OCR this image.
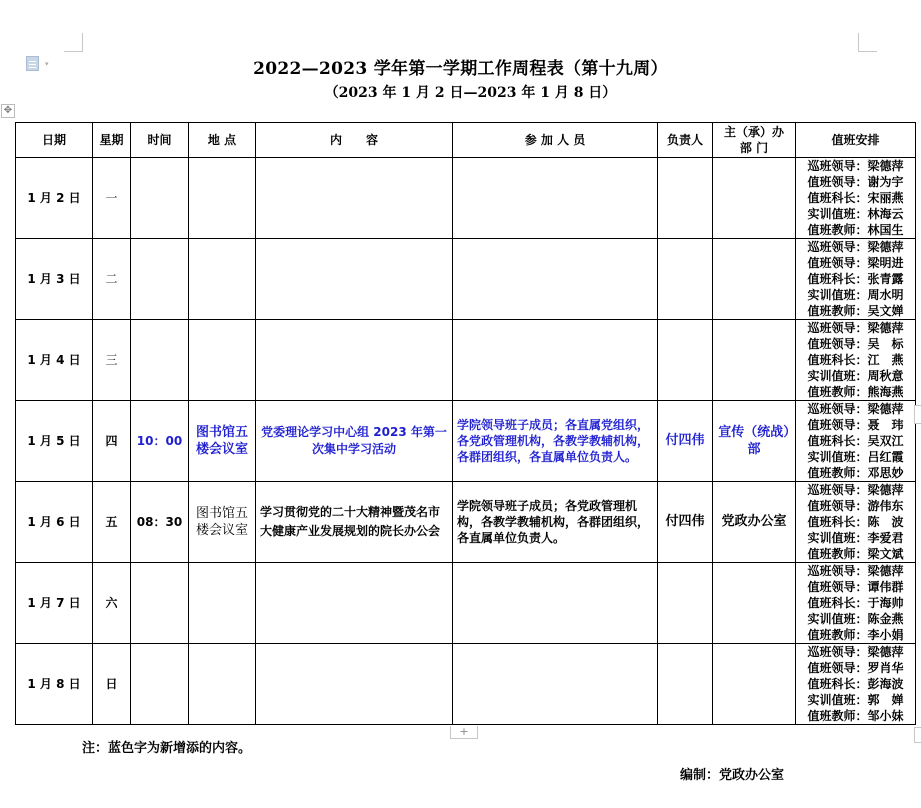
▾
✥
2022—2023 学年第一学期工作周程表（第十九周）
（2023 年 1 月 2 日—2023 年 1 月 8 日）
日期	星期	时间	地 点	内　　容	参 加 人 员	负责人	主（承）办
部 门	值班安排
1 月 2 日	一							巡班领导：梁德萍
值班领导：谢为宇
值班科长：宋丽燕
实训值班：林海云
值班教师：林国生

1 月 3 日	二							巡班领导：梁德萍
值班领导：梁明进
值班科长：张青露
实训值班：周水明
值班教师：吴文婵

1 月 4 日	三							巡班领导：梁德萍
值班领导：吴　标
值班科长：江　燕
实训值班：周秋意
值班教师：熊海燕

1 月 5 日	四	10：00	图书馆五楼会议室	党委理论学习中心组 2023 年第一次集中学习活动	学院领导班子成员；各直属党组织，各党政管理机构，各教学教辅机构，各群团组织，各直属单位负责人。	付四伟	宣传（统战）部	巡班领导：梁德萍
值班领导：聂　玮
值班科长：吴双江
实训值班：吕红霞
值班教师：邓思妙

1 月 6 日	五	08：30	图书馆五楼会议室	学习贯彻党的二十大精神暨茂名市大健康产业发展规划的院长办公会	学院领导班子成员；各党政管理机构，各教学教辅机构，各群团组织，各直属单位负责人。	付四伟	党政办公室	巡班领导：梁德萍
值班领导：游伟东
值班科长：陈　波
实训值班：李爱君
值班教师：梁文斌

1 月 7 日	六							巡班领导：梁德萍
值班领导：谭伟群
值班科长：于海帅
实训值班：陈金燕
值班教师：李小娟

1 月 8 日	日							巡班领导：梁德萍
值班领导：罗肖华
值班科长：彭海波
实训值班：郭　婵
值班教师：邹小妹
+
注：蓝色字为新增添的内容。
编制：党政办公室
